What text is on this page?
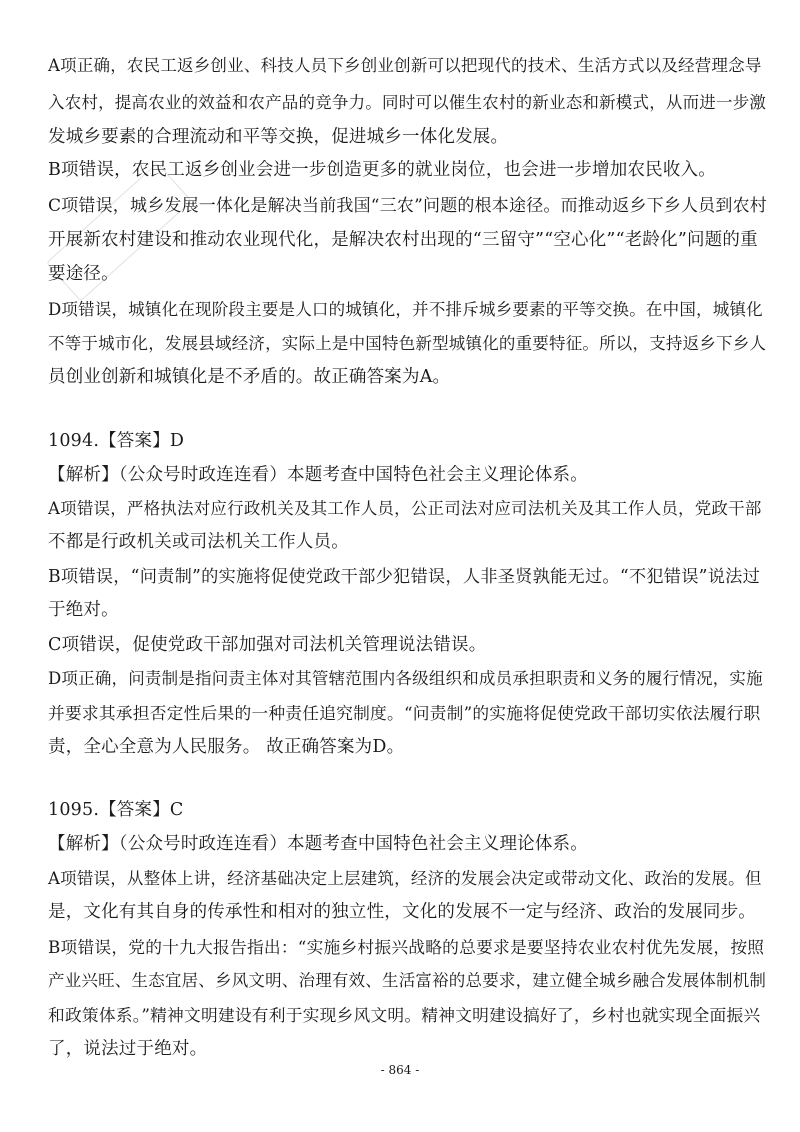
A项正确，农民工返乡创业、科技人员下乡创业创新可以把现代的技术、生活方式以及经营理念导
入农村，提高农业的效益和农产品的竞争力。同时可以催生农村的新业态和新模式，从而进一步激
发城乡要素的合理流动和平等交换，促进城乡一体化发展。
B项错误，农民工返乡创业会进一步创造更多的就业岗位，也会进一步增加农民收入。
C项错误，城乡发展一体化是解决当前我国“三农”问题的根本途径。而推动返乡下乡人员到农村
开展新农村建设和推动农业现代化，是解决农村出现的“三留守”“空心化”“老龄化”问题的重
要途径。
D项错误，城镇化在现阶段主要是人口的城镇化，并不排斥城乡要素的平等交换。在中国，城镇化
不等于城市化，发展县域经济，实际上是中国特色新型城镇化的重要特征。所以，支持返乡下乡人
员创业创新和城镇化是不矛盾的。故正确答案为A。
1094.【答案】D
【解析】（公众号时政连连看）本题考查中国特色社会主义理论体系。
A项错误，严格执法对应行政机关及其工作人员，公正司法对应司法机关及其工作人员，党政干部
不都是行政机关或司法机关工作人员。
B项错误，“问责制”的实施将促使党政干部少犯错误，人非圣贤孰能无过。“不犯错误”说法过
于绝对。
C项错误，促使党政干部加强对司法机关管理说法错误。
D项正确，问责制是指问责主体对其管辖范围内各级组织和成员承担职责和义务的履行情况，实施
并要求其承担否定性后果的一种责任追究制度。“问责制”的实施将促使党政干部切实依法履行职
责，全心全意为人民服务。 故正确答案为D。
1095.【答案】C
【解析】（公众号时政连连看）本题考查中国特色社会主义理论体系。
A项错误，从整体上讲，经济基础决定上层建筑，经济的发展会决定或带动文化、政治的发展。但
是，文化有其自身的传承性和相对的独立性，文化的发展不一定与经济、政治的发展同步。
B项错误，党的十九大报告指出：“实施乡村振兴战略的总要求是要坚持农业农村优先发展，按照
产业兴旺、生态宜居、乡风文明、治理有效、生活富裕的总要求，建立健全城乡融合发展体制机制
和政策体系。”精神文明建设有利于实现乡风文明。精神文明建设搞好了，乡村也就实现全面振兴
了，说法过于绝对。
- 864 -
